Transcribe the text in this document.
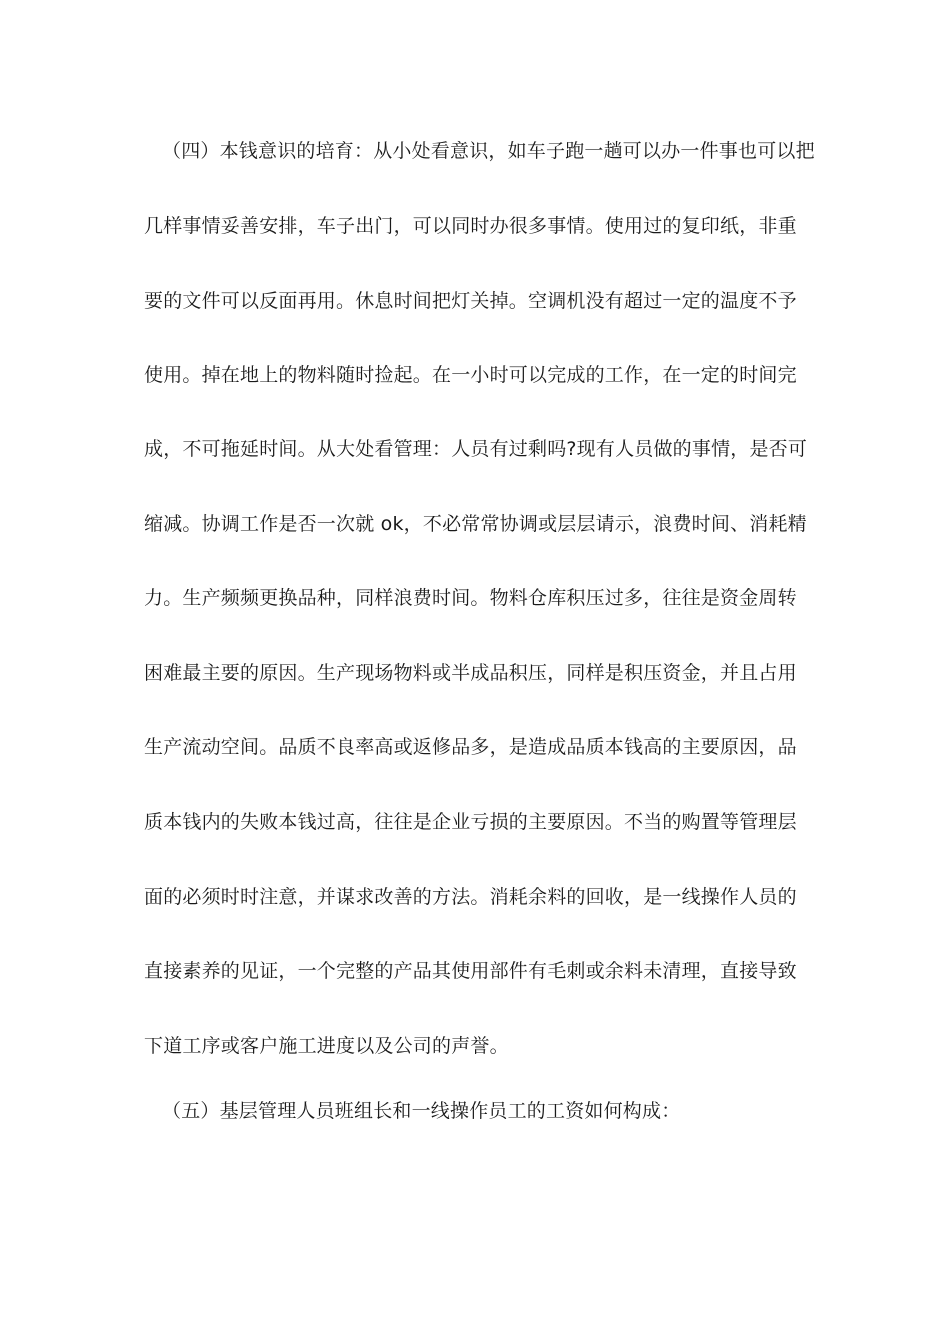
（四）本钱意识的培育：从小处看意识，如车子跑一趟可以办一件事也可以把
几样事情妥善安排，车子出门，可以同时办很多事情。使用过的复印纸，非重
要的文件可以反面再用。休息时间把灯关掉。空调机没有超过一定的温度不予
使用。掉在地上的物料随时捡起。在一小时可以完成的工作，在一定的时间完
成，不可拖延时间。从大处看管理：人员有过剩吗?现有人员做的事情，是否可
缩减。协调工作是否一次就 ok，不必常常协调或层层请示，浪费时间、消耗精
力。生产频频更换品种，同样浪费时间。物料仓库积压过多，往往是资金周转
困难最主要的原因。生产现场物料或半成品积压，同样是积压资金，并且占用
生产流动空间。品质不良率高或返修品多，是造成品质本钱高的主要原因，品
质本钱内的失败本钱过高，往往是企业亏损的主要原因。不当的购置等管理层
面的必须时时注意，并谋求改善的方法。消耗余料的回收，是一线操作人员的
直接素养的见证，一个完整的产品其使用部件有毛刺或余料未清理，直接导致
下道工序或客户施工进度以及公司的声誉。
（五）基层管理人员班组长和一线操作员工的工资如何构成：
